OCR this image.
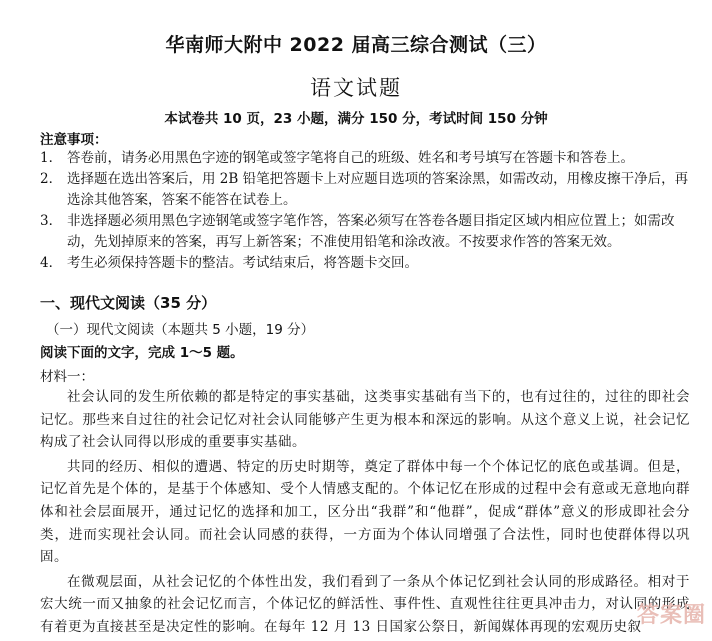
华南师大附中 2022 届高三综合测试（三）
语文试题
本试卷共 10 页，23 小题，满分 150 分，考试时间 150 分钟
注意事项：
1． 答卷前，请务必用黑色字迹的钢笔或签字笔将自己的班级、姓名和考号填写在答题卡和答卷上。
2． 选择题在选出答案后，用 2B 铅笔把答题卡上对应题目选项的答案涂黑，如需改动，用橡皮擦干净后，再选涂其他答案，答案不能答在试卷上。
3． 非选择题必须用黑色字迹钢笔或签字笔作答，答案必须写在答卷各题目指定区域内相应位置上；如需改动，先划掉原来的答案，再写上新答案；不准使用铅笔和涂改液。不按要求作答的答案无效。
4． 考生必须保持答题卡的整洁。考试结束后，将答题卡交回。
一、现代文阅读（35 分）
（一）现代文阅读（本题共 5 小题，19 分）
阅读下面的文字，完成 1～5 题。
材料一：

社会认同的发生所依赖的都是特定的事实基础，这类事实基础有当下的，也有过往的，过往的即社会记忆。那些来自过往的社会记忆对社会认同能够产生更为根本和深远的影响。从这个意义上说，社会记忆构成了社会认同得以形成的重要事实基础。

共同的经历、相似的遭遇、特定的历史时期等，奠定了群体中每一个个体记忆的底色或基调。但是，记忆首先是个体的，是基于个体感知、受个人情感支配的。个体记忆在形成的过程中会有意或无意地向群体和社会层面展开，通过记忆的选择和加工，区分出“我群”和“他群”，促成“群体”意义的形成即社会分类，进而实现社会认同。而社会认同感的获得，一方面为个体认同增强了合法性，同时也使群体得以巩固。

在微观层面，从社会记忆的个体性出发，我们看到了一条从个体记忆到社会认同的形成路径。相对于宏大统一而又抽象的社会记忆而言，个体记忆的鲜活性、事件性、直观性往往更具冲击力，对认同的形成有着更为直接甚至是决定性的影响。在每年 12 月 13 日国家公祭日，新闻媒体再现的宏观历史叙

答案圈
